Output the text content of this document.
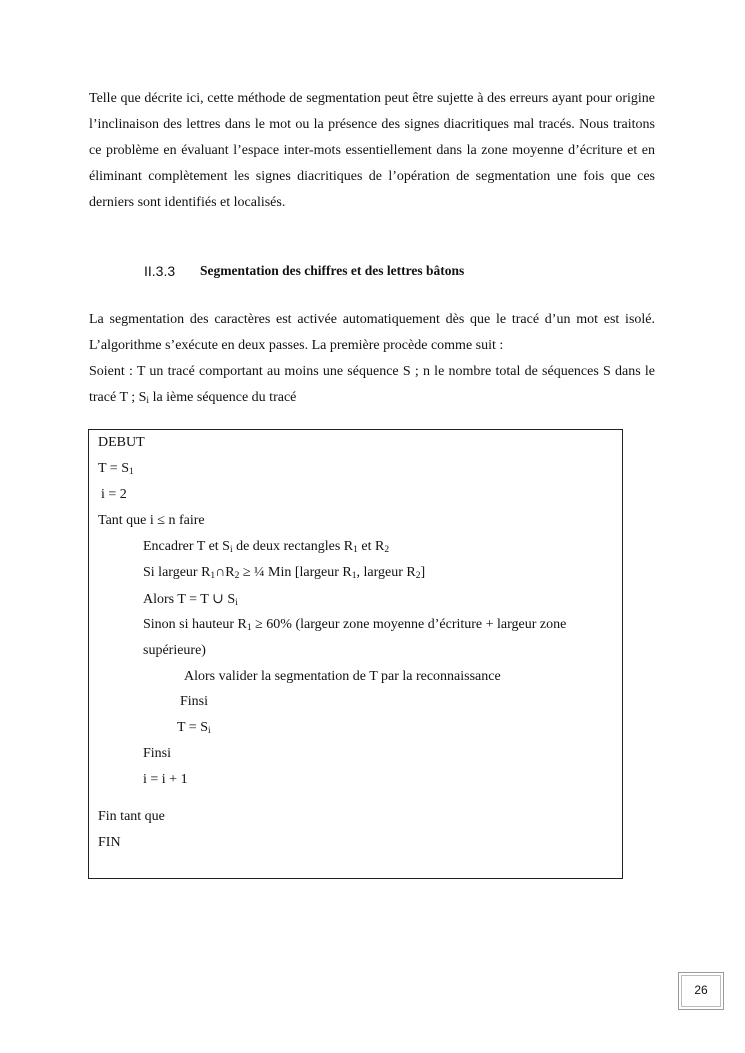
Telle que décrite ici, cette méthode de segmentation peut être sujette à des erreurs ayant pour origine l’inclinaison des lettres dans le mot ou la présence des signes diacritiques mal tracés. Nous traitons ce problème en évaluant l’espace inter-mots essentiellement dans la zone moyenne d’écriture et en éliminant complètement les signes diacritiques de l’opération de segmentation une fois que ces derniers sont identifiés et localisés.

II.3.3	Segmentation des chiffres et des lettres bâtons

La segmentation des caractères est activée automatiquement dès que le tracé d’un mot est isolé. L’algorithme s’exécute en deux passes. La première procède comme suit :

Soient : T un tracé comportant au moins une séquence S ; n le nombre total de séquences S dans le tracé T ; $S_i$ la ième séquence du tracé

DEBUT
$T = S_1$
i = 2
Tant que i ≤ n faire
Encadrer T et $S_i$ de deux rectangles $R_1$ et $R_2$
Si largeur $R_1\cap R_2$ ≥ ¼ Min [largeur $R_1$, largeur $R_2$]
Alors T = T ∪ $S_i$
Sinon si hauteur $R_1 \ge 60\%$ (largeur zone moyenne d’écriture + largeur zone
supérieure)
Alors valider la segmentation de T par la reconnaissance
Finsi
$T = S_i$
Finsi
i = i + 1
Fin tant que
FIN
26
